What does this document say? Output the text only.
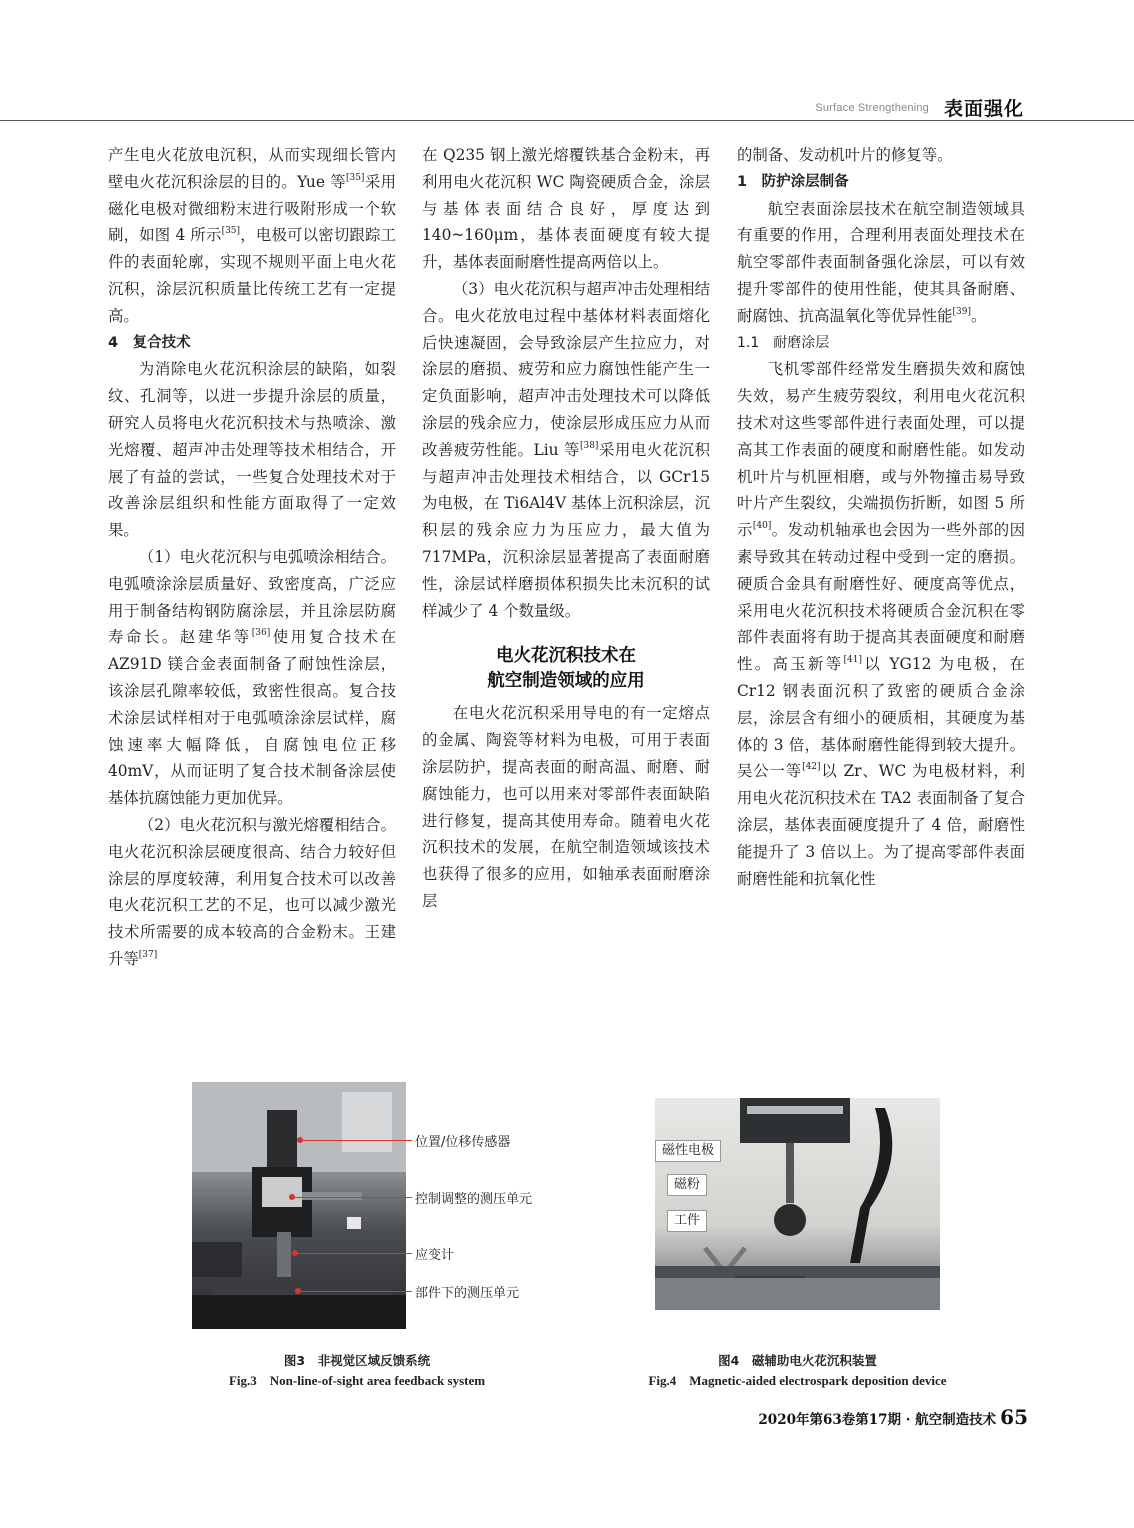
Surface Strengthening 表面强化

产生电火花放电沉积，从而实现细长管内壁电火花沉积涂层的目的。Yue 等[35]采用磁化电极对微细粉末进行吸附形成一个软刷，如图 4 所示[35]，电极可以密切跟踪工件的表面轮廓，实现不规则平面上电火花沉积，涂层沉积质量比传统工艺有一定提高。

4　复合技术

为消除电火花沉积涂层的缺陷，如裂纹、孔洞等，以进一步提升涂层的质量，研究人员将电火花沉积技术与热喷涂、激光熔覆、超声冲击处理等技术相结合，开展了有益的尝试，一些复合处理技术对于改善涂层组织和性能方面取得了一定效果。

（1）电火花沉积与电弧喷涂相结合。电弧喷涂涂层质量好、致密度高，广泛应用于制备结构钢防腐涂层，并且涂层防腐寿命长。赵建华等[36]使用复合技术在 AZ91D 镁合金表面制备了耐蚀性涂层，该涂层孔隙率较低，致密性很高。复合技术涂层试样相对于电弧喷涂涂层试样，腐蚀速率大幅降低，自腐蚀电位正移 40mV，从而证明了复合技术制备涂层使基体抗腐蚀能力更加优异。

（2）电火花沉积与激光熔覆相结合。电火花沉积涂层硬度很高、结合力较好但涂层的厚度较薄，利用复合技术可以改善电火花沉积工艺的不足，也可以减少激光技术所需要的成本较高的合金粉末。王建升等[37]

在 Q235 钢上激光熔覆铁基合金粉末，再利用电火花沉积 WC 陶瓷硬质合金，涂层与基体表面结合良好，厚度达到 140~160μm，基体表面硬度有较大提升，基体表面耐磨性提高两倍以上。

（3）电火花沉积与超声冲击处理相结合。电火花放电过程中基体材料表面熔化后快速凝固，会导致涂层产生拉应力，对涂层的磨损、疲劳和应力腐蚀性能产生一定负面影响，超声冲击处理技术可以降低涂层的残余应力，使涂层形成压应力从而改善疲劳性能。Liu 等[38]采用电火花沉积与超声冲击处理技术相结合，以 GCr15 为电极，在 Ti6Al4V 基体上沉积涂层，沉积层的残余应力为压应力，最大值为 717MPa，沉积涂层显著提高了表面耐磨性，涂层试样磨损体积损失比未沉积的试样减少了 4 个数量级。

电火花沉积技术在
航空制造领域的应用

在电火花沉积采用导电的有一定熔点的金属、陶瓷等材料为电极，可用于表面涂层防护，提高表面的耐高温、耐磨、耐腐蚀能力，也可以用来对零部件表面缺陷进行修复，提高其使用寿命。随着电火花沉积技术的发展，在航空制造领域该技术也获得了很多的应用，如轴承表面耐磨涂层

的制备、发动机叶片的修复等。

1　防护涂层制备

航空表面涂层技术在航空制造领域具有重要的作用，合理利用表面处理技术在航空零部件表面制备强化涂层，可以有效提升零部件的使用性能，使其具备耐磨、耐腐蚀、抗高温氧化等优异性能[39]。

1.1　耐磨涂层

飞机零部件经常发生磨损失效和腐蚀失效，易产生疲劳裂纹，利用电火花沉积技术对这些零部件进行表面处理，可以提高其工作表面的硬度和耐磨性能。如发动机叶片与机匣相磨，或与外物撞击易导致叶片产生裂纹，尖端损伤折断，如图 5 所示[40]。发动机轴承也会因为一些外部的因素导致其在转动过程中受到一定的磨损。硬质合金具有耐磨性好、硬度高等优点，采用电火花沉积技术将硬质合金沉积在零部件表面将有助于提高其表面硬度和耐磨性。高玉新等[41]以 YG12 为电极，在 Cr12 钢表面沉积了致密的硬质合金涂层，涂层含有细小的硬质相，其硬度为基体的 3 倍，基体耐磨性能得到较大提升。吴公一等[42]以 Zr、WC 为电极材料，利用电火花沉积技术在 TA2 表面制备了复合涂层，基体表面硬度提升了 4 倍，耐磨性能提升了 3 倍以上。为了提高零部件表面耐磨性能和抗氧化性

位置/位移传感器
控制调整的测压单元
应变计
部件下的测压单元
图3　非视觉区域反馈系统
Fig.3　Non-line-of-sight area feedback system
磁性电极
磁粉
工件
图4　磁辅助电火花沉积装置
Fig.4　Magnetic-aided electrospark deposition device
2020年第63卷第17期 · 航空制造技术 65
